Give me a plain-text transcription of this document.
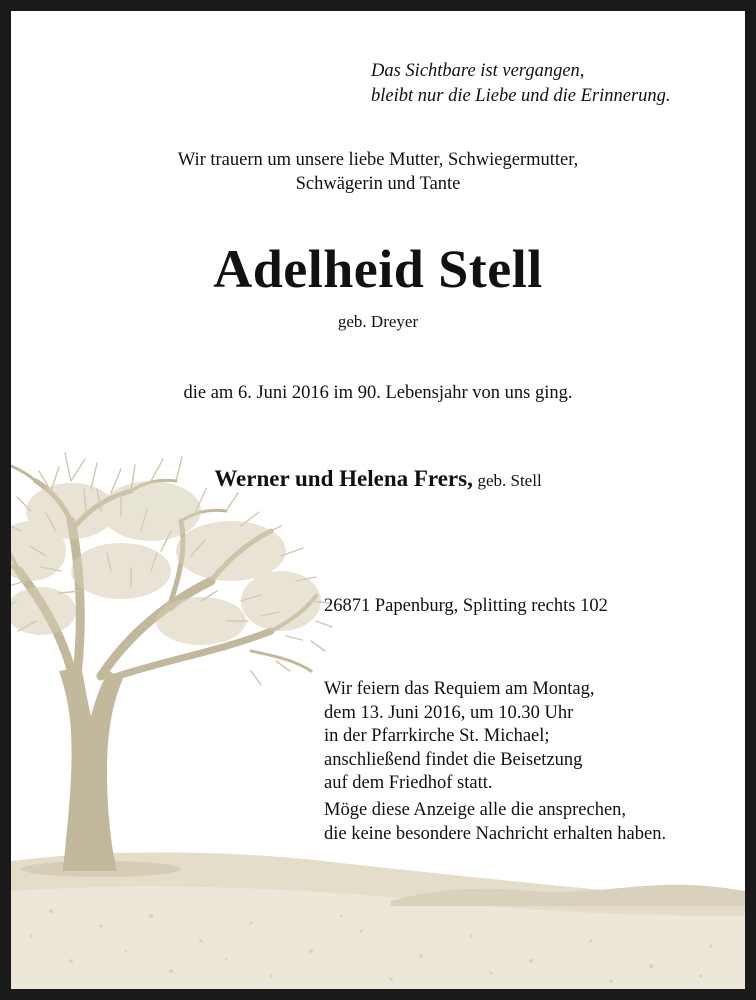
Das Sichtbare ist vergangen,
bleibt nur die Liebe und die Erinnerung.

Wir trauern um unsere liebe Mutter, Schwiegermutter,
Schwägerin und Tante

Adelheid Stell

geb. Dreyer

die am 6. Juni 2016 im 90. Lebensjahr von uns ging.

Werner und Helena Frers, geb. Stell

26871 Papenburg, Splitting rechts 102

Wir feiern das Requiem am Montag,
dem 13. Juni 2016, um 10.30 Uhr
in der Pfarrkirche St. Michael;
anschließend findet die Beisetzung
auf dem Friedhof statt.

Möge diese Anzeige alle die ansprechen,
die keine besondere Nachricht erhalten haben.
